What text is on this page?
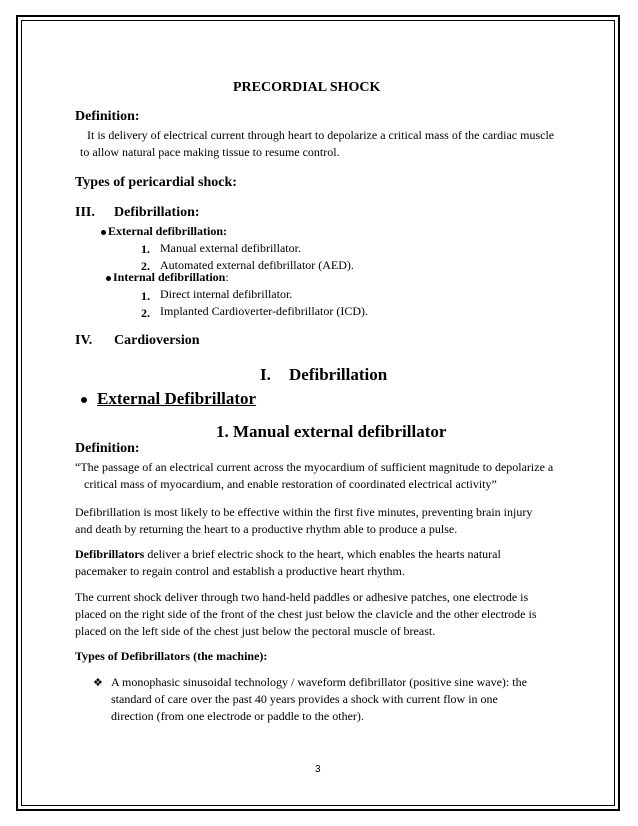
PRECORDIAL SHOCK
Definition:
It is delivery of electrical current through heart to depolarize a critical mass of the cardiac muscle
to allow natural pace making tissue to resume control.
Types of pericardial shock:
III. Defibrillation:
External defibrillation:
1. Manual external defibrillator.
2. Automated external defibrillator (AED).
Internal defibrillation:
1. Direct internal defibrillator.
2. Implanted Cardioverter-defibrillator (ICD).
IV. Cardioversion
I. Defibrillation
External Defibrillator
1. Manual external defibrillator
Definition:
“The passage of an electrical current across the myocardium of sufficient magnitude to depolarize a
critical mass of myocardium, and enable restoration of coordinated electrical activity”
Defibrillation is most likely to be effective within the first five minutes, preventing brain injury
and death by returning the heart to a productive rhythm able to produce a pulse.
Defibrillators deliver a brief electric shock to the heart, which enables the hearts natural
pacemaker to regain control and establish a productive heart rhythm.
The current shock deliver through two hand-held paddles or adhesive patches, one electrode is
placed on the right side of the front of the chest just below the clavicle and the other electrode is
placed on the left side of the chest just below the pectoral muscle of breast.
Types of Defibrillators (the machine):
❖ A monophasic sinusoidal technology / waveform defibrillator (positive sine wave): the
standard of care over the past 40 years provides a shock with current flow in one
direction (from one electrode or paddle to the other).
3
